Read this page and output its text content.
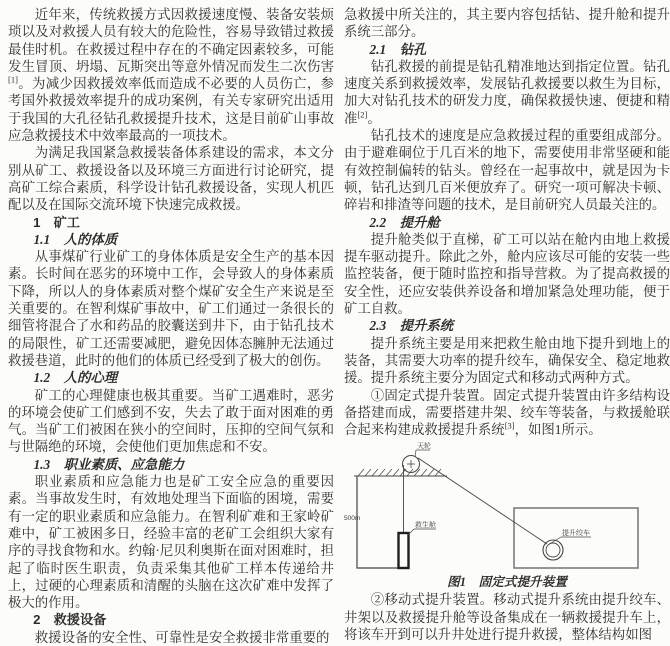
近年来，传统救援方式因救援速度慢、装备安装烦琐以及对救援人员有较大的危险性，容易导致错过救援最佳时机。在救援过程中存在的不确定因素较多，可能发生冒顶、坍塌、瓦斯突出等意外情况而发生二次伤害[1]。为减少因救援效率低而造成不必要的人员伤亡，参考国外救援效率提升的成功案例，有关专家研究出适用于我国的大孔径钻孔救援提升技术，这是目前矿山事故应急救援技术中效率最高的一项技术。

为满足我国紧急救援装备体系建设的需求，本文分别从矿工、救援设备以及环境三方面进行讨论研究，提高矿工综合素质，科学设计钻孔救援设备，实现人机匹配以及在国际交流环境下快速完成救援。

1　矿工
1.1　人的体质

从事煤矿行业矿工的身体体质是安全生产的基本因素。长时间在恶劣的环境中工作，会导致人的身体素质下降，所以人的身体素质对整个煤矿安全生产来说是至关重要的。在智利煤矿事故中，矿工们通过一条很长的细管将混合了水和药品的胶囊送到井下，由于钻孔技术的局限性，矿工还需要减肥，避免因体态臃肿无法通过救援巷道，此时的他们的体质已经受到了极大的创伤。

1.2　人的心理

矿工的心理健康也极其重要。当矿工遇难时，恶劣的环境会使矿工们感到不安，失去了敢于面对困难的勇气。当矿工们被困在狭小的空间时，压抑的空间气氛和与世隔绝的环境，会使他们更加焦虑和不安。

1.3　职业素质、应急能力

职业素质和应急能力也是矿工安全应急的重要因素。当事故发生时，有效地处理当下面临的困境，需要有一定的职业素质和应急能力。在智利矿难和王家岭矿难中，矿工被困多日，经验丰富的老矿工会组织大家有序的寻找食物和水。约翰·尼贝利奥斯在面对困难时，担起了临时医生职责，负责采集其他矿工样本传递给井上，过硬的心理素质和清醒的头脑在这次矿难中发挥了极大的作用。

2　救援设备

救援设备的安全性、可靠性是安全救援非常重要的

急救援中所关注的，其主要内容包括钻、提升舱和提升系统三部分。

2.1　钻孔

钻孔救援的前提是钻孔精准地达到指定位置。钻孔速度关系到救援效率，发展钻孔救援要以救生为目标，加大对钻孔技术的研发力度，确保救援快速、便捷和精准[2]。

钻孔技术的速度是应急救援过程的重要组成部分。由于避难硐位于几百米的地下，需要使用非常坚硬和能有效控制偏转的钻头。曾经在一起事故中，就是因为卡顿，钻孔达到几百米便放弃了。研究一项可解决卡顿、碎岩和排渣等问题的技术，是目前研究人员最关注的。

2.2　提升舱

提升舱类似于直梯，矿工可以站在舱内由地上救援提车驱动提升。除此之外，舱内应该尽可能的安装一些监控装备，便于随时监控和指导营救。为了提高救援的安全性，还应安装供养设备和增加紧急处理功能，便于矿工自救。

2.3　提升系统

提升系统主要是用来把救生舱由地下提升到地上的装备，其需要大功率的提升绞车，确保安全、稳定地救援。提升系统主要分为固定式和移动式两种方式。

①固定式提升装置。固定式提升装置由许多结构设备搭建而成，需要搭建井架、绞车等装备，与救援舱联合起来构建成救援提升系统[3]，如图1所示。

天轮
500m
救生舱
提升绞车
图1　固定式提升装置

②移动式提升装置。移动式提升系统由提升绞车、井架以及救援提升舱等设备集成在一辆救援提升车上，将该车开到可以升井处进行提升救援，整体结构如图
